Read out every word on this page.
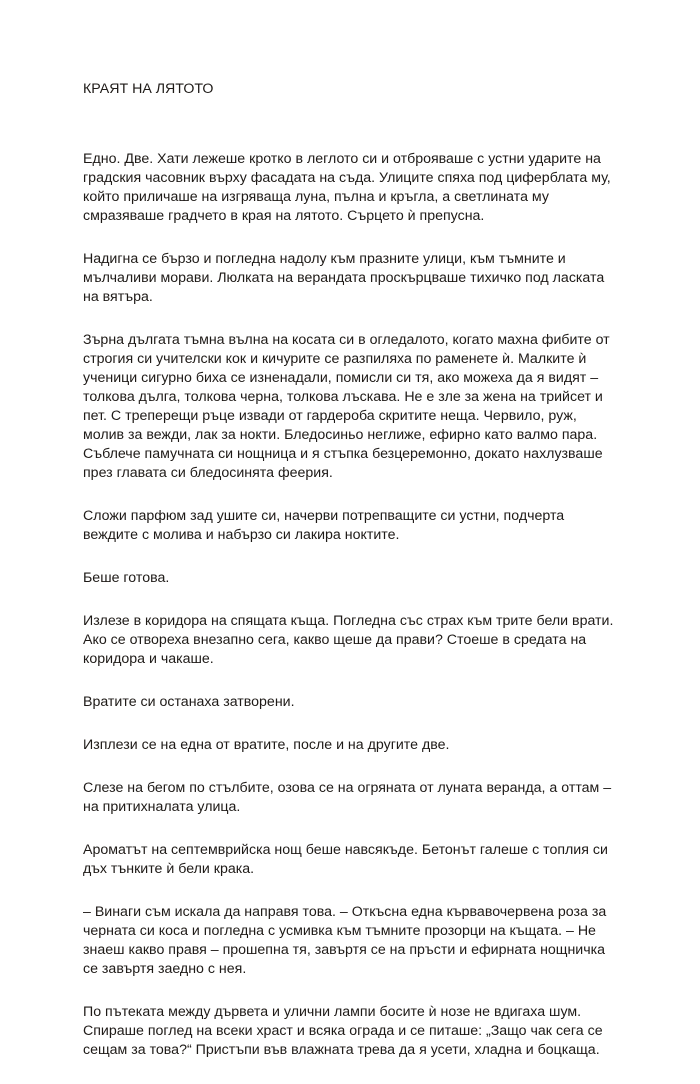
КРАЯТ НА ЛЯТОТО

Едно. Две. Хати лежеше кротко в леглото си и отброяваше с устни ударите на
градския часовник върху фасадата на съда. Улиците спяха под циферблата му,
който приличаше на изгряваща луна, пълна и кръгла, а светлината му
смразяваше градчето в края на лятото. Сърцето ѝ препусна.

Надигна се бързо и погледна надолу към празните улици, към тъмните и
мълчаливи морави. Люлката на верандата проскърцваше тихичко под ласката
на вятъра.

Зърна дългата тъмна вълна на косата си в огледалото, когато махна фибите от
строгия си учителски кок и кичурите се разпиляха по раменете ѝ. Малките ѝ
ученици сигурно биха се изненадали, помисли си тя, ако можеха да я видят –
толкова дълга, толкова черна, толкова лъскава. Не е зле за жена на трийсет и
пет. С треперещи ръце извади от гардероба скритите неща. Червило, руж,
молив за вежди, лак за нокти. Бледосиньо неглиже, ефирно като валмо пара.
Съблече памучната си нощница и я стъпка безцеремонно, докато нахлузваше
през главата си бледосинята феерия.

Сложи парфюм зад ушите си, начерви потрепващите си устни, подчерта
веждите с молива и набързо си лакира ноктите.

Беше готова.

Излезе в коридора на спящата къща. Погледна със страх към трите бели врати.
Ако се отвореха внезапно сега, какво щеше да прави? Стоеше в средата на
коридора и чакаше.

Вратите си останаха затворени.

Изплези се на една от вратите, после и на другите две.

Слезе на бегом по стълбите, озова се на огряната от луната веранда, а оттам –
на притихналата улица.

Ароматът на септемврийска нощ беше навсякъде. Бетонът галеше с топлия си
дъх тънките ѝ бели крака.

– Винаги съм искала да направя това. – Откъсна една кървавочервена роза за
черната си коса и погледна с усмивка към тъмните прозорци на къщата. – Не
знаеш какво правя – прошепна тя, завъртя се на пръсти и ефирната нощничка
се завъртя заедно с нея.

По пътеката между дървета и улични лампи босите ѝ нозе не вдигаха шум.
Спираше поглед на всеки храст и всяка ограда и се питаше: „Защо чак сега се
сещам за това?“ Пристъпи във влажната трева да я усети, хладна и боцкаща.
